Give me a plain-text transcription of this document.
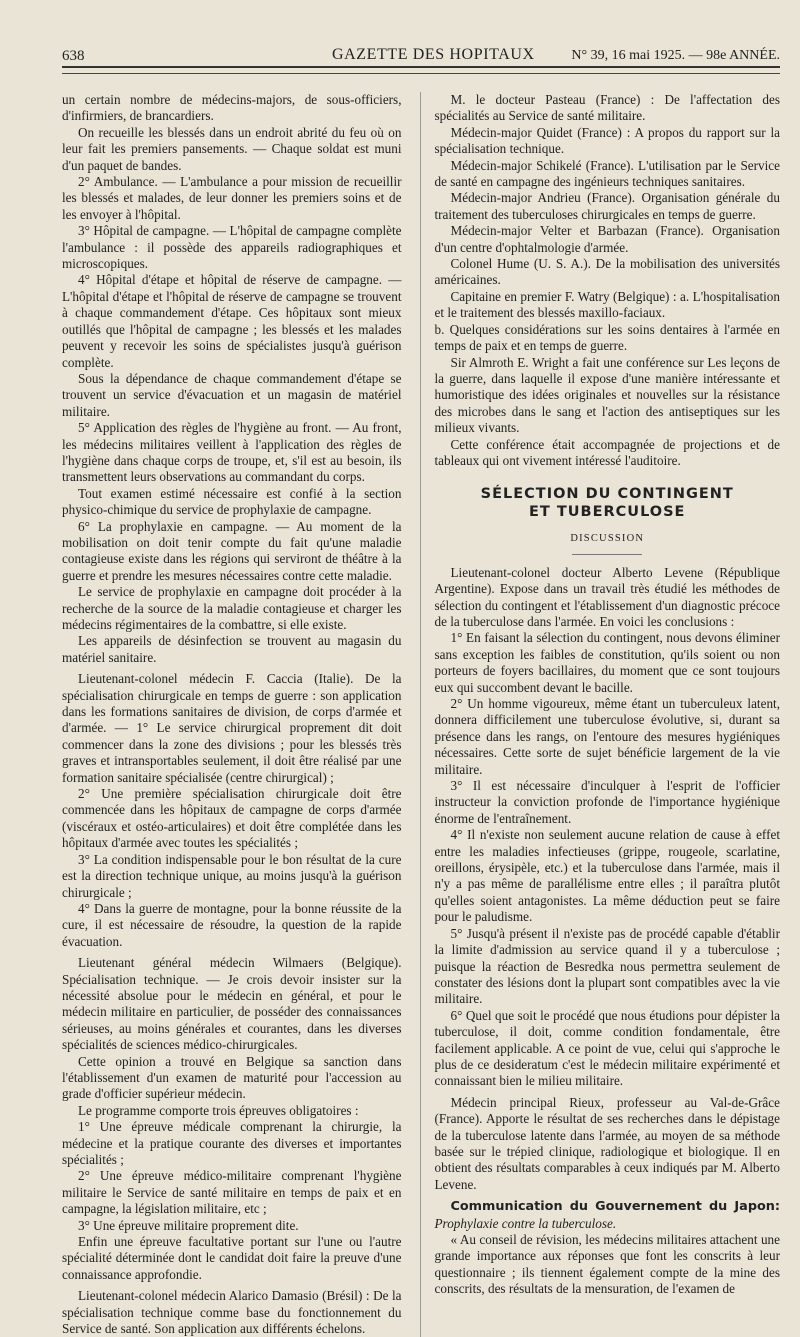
638	GAZETTE DES HOPITAUX	N° 39, 16 mai 1925. — 98e ANNÉE.

un certain nombre de médecins-majors, de sous-officiers, d'infirmiers, de brancardiers.

On recueille les blessés dans un endroit abrité du feu où on leur fait les premiers pansements. — Chaque soldat est muni d'un paquet de bandes.

2° Ambulance. — L'ambulance a pour mission de recueillir les blessés et malades, de leur donner les premiers soins et de les envoyer à l'hôpital.

3° Hôpital de campagne. — L'hôpital de campagne complète l'ambulance : il possède des appareils radiographiques et microscopiques.

4° Hôpital d'étape et hôpital de réserve de campagne. — L'hôpital d'étape et l'hôpital de réserve de campagne se trouvent à chaque commandement d'étape. Ces hôpitaux sont mieux outillés que l'hôpital de campagne ; les blessés et les malades peuvent y recevoir les soins de spécialistes jusqu'à guérison complète.

Sous la dépendance de chaque commandement d'étape se trouvent un service d'évacuation et un magasin de matériel militaire.

5° Application des règles de l'hygiène au front. — Au front, les médecins militaires veillent à l'application des règles de l'hygiène dans chaque corps de troupe, et, s'il est au besoin, ils transmettent leurs observations au commandant du corps.

Tout examen estimé nécessaire est confié à la section physico-chimique du service de prophylaxie de campagne.

6° La prophylaxie en campagne. — Au moment de la mobilisation on doit tenir compte du fait qu'une maladie contagieuse existe dans les régions qui serviront de théâtre à la guerre et prendre les mesures nécessaires contre cette maladie.

Le service de prophylaxie en campagne doit procéder à la recherche de la source de la maladie contagieuse et charger les médecins régimentaires de la combattre, si elle existe.

Les appareils de désinfection se trouvent au magasin du matériel sanitaire.

Lieutenant-colonel médecin F. Caccia (Italie). De la spécialisation chirurgicale en temps de guerre : son application dans les formations sanitaires de division, de corps d'armée et d'armée. — 1° Le service chirurgical proprement dit doit commencer dans la zone des divisions ; pour les blessés très graves et intransportables seulement, il doit être réalisé par une formation sanitaire spécialisée (centre chirurgical) ;

2° Une première spécialisation chirurgicale doit être commencée dans les hôpitaux de campagne de corps d'armée (viscéraux et ostéo-articulaires) et doit être complétée dans les hôpitaux d'armée avec toutes les spécialités ;

3° La condition indispensable pour le bon résultat de la cure est la direction technique unique, au moins jusqu'à la guérison chirurgicale ;

4° Dans la guerre de montagne, pour la bonne réussite de la cure, il est nécessaire de résoudre, la question de la rapide évacuation.

Lieutenant général médecin Wilmaers (Belgique). Spécialisation technique. — Je crois devoir insister sur la nécessité absolue pour le médecin en général, et pour le médecin militaire en particulier, de posséder des connaissances sérieuses, au moins générales et courantes, dans les diverses spécialités de sciences médico-chirurgicales.

Cette opinion a trouvé en Belgique sa sanction dans l'établissement d'un examen de maturité pour l'accession au grade d'officier supérieur médecin.

Le programme comporte trois épreuves obligatoires :

1° Une épreuve médicale comprenant la chirurgie, la médecine et la pratique courante des diverses et importantes spécialités ;

2° Une épreuve médico-militaire comprenant l'hygiène militaire le Service de santé militaire en temps de paix et en campagne, la législation militaire, etc ;

3° Une épreuve militaire proprement dite.

Enfin une épreuve facultative portant sur l'une ou l'autre spécialité déterminée dont le candidat doit faire la preuve d'une connaissance approfondie.

Lieutenant-colonel médecin Alarico Damasio (Brésil) : De la spécialisation technique comme base du fonctionnement du Service de santé. Son application aux différents échelons.

M. le docteur Pasteau (France) : De l'affectation des spécialités au Service de santé militaire.

Médecin-major Quidet (France) : A propos du rapport sur la spécialisation technique.

Médecin-major Schikelé (France). L'utilisation par le Service de santé en campagne des ingénieurs techniques sanitaires.

Médecin-major Andrieu (France). Organisation générale du traitement des tuberculoses chirurgicales en temps de guerre.

Médecin-major Velter et Barbazan (France). Organisation d'un centre d'ophtalmologie d'armée.

Colonel Hume (U. S. A.). De la mobilisation des universités américaines.

Capitaine en premier F. Watry (Belgique) : a. L'hospitalisation et le traitement des blessés maxillo-faciaux.

b. Quelques considérations sur les soins dentaires à l'armée en temps de paix et en temps de guerre.

Sir Almroth E. Wright a fait une conférence sur Les leçons de la guerre, dans laquelle il expose d'une manière intéressante et humoristique des idées originales et nouvelles sur la résistance des microbes dans le sang et l'action des antiseptiques sur les milieux vivants.

Cette conférence était accompagnée de projections et de tableaux qui ont vivement intéressé l'auditoire.

SÉLECTION DU CONTINGENT
ET TUBERCULOSE
DISCUSSION

Lieutenant-colonel docteur Alberto Levene (République Argentine). Expose dans un travail très étudié les méthodes de sélection du contingent et l'établissement d'un diagnostic précoce de la tuberculose dans l'armée. En voici les conclusions :

1° En faisant la sélection du contingent, nous devons éliminer sans exception les faibles de constitution, qu'ils soient ou non porteurs de foyers bacillaires, du moment que ce sont toujours eux qui succombent devant le bacille.

2° Un homme vigoureux, même étant un tuberculeux latent, donnera difficilement une tuberculose évolutive, si, durant sa présence dans les rangs, on l'entoure des mesures hygiéniques nécessaires. Cette sorte de sujet bénéficie largement de la vie militaire.

3° Il est nécessaire d'inculquer à l'esprit de l'officier instructeur la conviction profonde de l'importance hygiénique énorme de l'entraînement.

4° Il n'existe non seulement aucune relation de cause à effet entre les maladies infectieuses (grippe, rougeole, scarlatine, oreillons, érysipèle, etc.) et la tuberculose dans l'armée, mais il n'y a pas même de parallélisme entre elles ; il paraîtra plutôt qu'elles soient antagonistes. La même déduction peut se faire pour le paludisme.

5° Jusqu'à présent il n'existe pas de procédé capable d'établir la limite d'admission au service quand il y a tuberculose ; puisque la réaction de Besredka nous permettra seulement de constater des lésions dont la plupart sont compatibles avec la vie militaire.

6° Quel que soit le procédé que nous étudions pour dépister la tuberculose, il doit, comme condition fondamentale, être facilement applicable. A ce point de vue, celui qui s'approche le plus de ce desideratum c'est le médecin militaire expérimenté et connaissant bien le milieu militaire.

Médecin principal Rieux, professeur au Val-de-Grâce (France). Apporte le résultat de ses recherches dans le dépistage de la tuberculose latente dans l'armée, au moyen de sa méthode basée sur le trépied clinique, radiologique et biologique. Il en obtient des résultats comparables à ceux indiqués par M. Alberto Levene.

Communication du Gouvernement du Japon: Prophylaxie contre la tuberculose.

« Au conseil de révision, les médecins militaires attachent une grande importance aux réponses que font les conscrits à leur questionnaire ; ils tiennent également compte de la mine des conscrits, des résultats de la mensuration, de l'examen de
